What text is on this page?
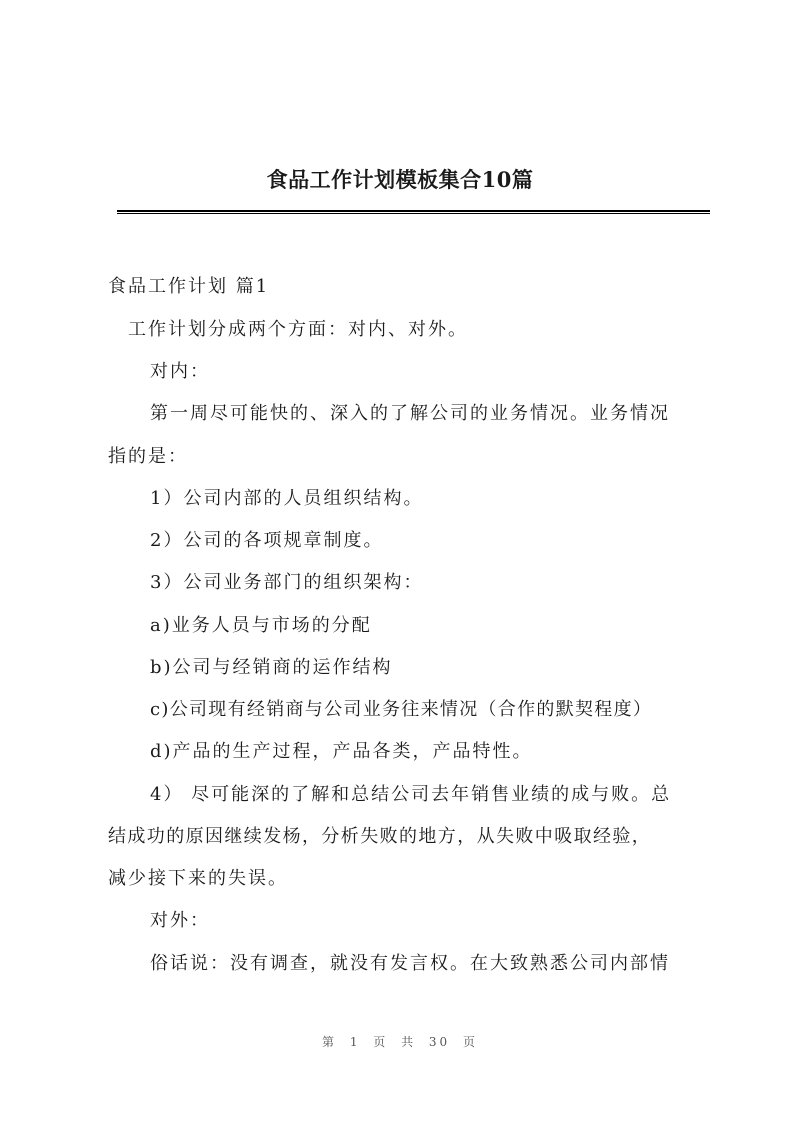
食品工作计划模板集合10篇

食品工作计划 篇1

工作计划分成两个方面：对内、对外。

对内：

第一周尽可能快的、深入的了解公司的业务情况。业务情况

指的是：

1）公司内部的人员组织结构。

2）公司的各项规章制度。

3）公司业务部门的组织架构：

a)业务人员与市场的分配

b)公司与经销商的运作结构

c)公司现有经销商与公司业务往来情况（合作的默契程度）

d)产品的生产过程，产品各类，产品特性。

4） 尽可能深的了解和总结公司去年销售业绩的成与败。总

结成功的原因继续发杨，分析失败的地方，从失败中吸取经验，

减少接下来的失误。

对外：

俗话说：没有调查，就没有发言权。在大致熟悉公司内部情

第 1 页 共 30 页
